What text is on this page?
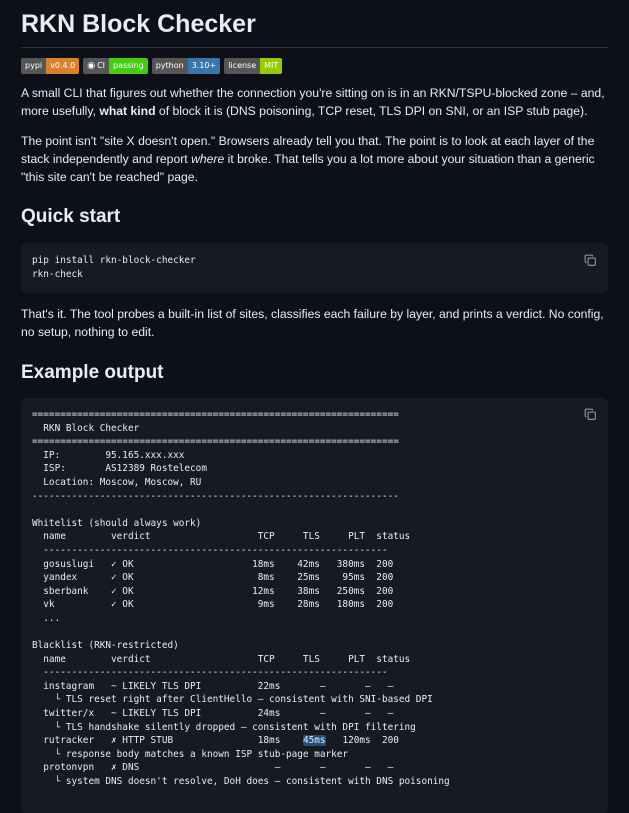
RKN Block Checker
pypi	v0.4.0	◉ CI	passing	python	3.10+	license	MIT

A small CLI that figures out whether the connection you're sitting on is in an RKN/TSPU-blocked zone – and, more usefully, what kind of block it is (DNS poisoning, TCP reset, TLS DPI on SNI, or an ISP stub page).

The point isn't "site X doesn't open." Browsers already tell you that. The point is to look at each layer of the stack independently and report where it broke. That tells you a lot more about your situation than a generic "this site can't be reached" page.

Quick start
pip install rkn-block-checker
rkn-check

That's it. The tool probes a built-in list of sites, classifies each failure by layer, and prints a verdict. No config, no setup, nothing to edit.

Example output
=================================================================
RKN Block Checker
=================================================================
IP:        95.165.xxx.xxx
ISP:       AS12389 Rostelecom
Location: Moscow, Moscow, RU
-----------------------------------------------------------------

Whitelist (should always work)
name        verdict                   TCP     TLS     PLT  status
-------------------------------------------------------------
gosuslugi   ✓ OK                     18ms    42ms   380ms  200
yandex      ✓ OK                      8ms    25ms    95ms  200
sberbank    ✓ OK                     12ms    38ms   250ms  200
vk          ✓ OK                      9ms    28ms   180ms  200
...

Blacklist (RKN-restricted)
name        verdict                   TCP     TLS     PLT  status
-------------------------------------------------------------
instagram   ~ LIKELY TLS DPI          22ms       –       –   –
└ TLS reset right after ClientHello – consistent with SNI-based DPI
twitter/x   ~ LIKELY TLS DPI          24ms       –       –   –
└ TLS handshake silently dropped – consistent with DPI filtering
rutracker   ✗ HTTP STUB               18ms    45ms   120ms  200
└ response body matches a known ISP stub-page marker
protonvpn   ✗ DNS                        –       –       –   –
└ system DNS doesn't resolve, DoH does – consistent with DNS poisoning
